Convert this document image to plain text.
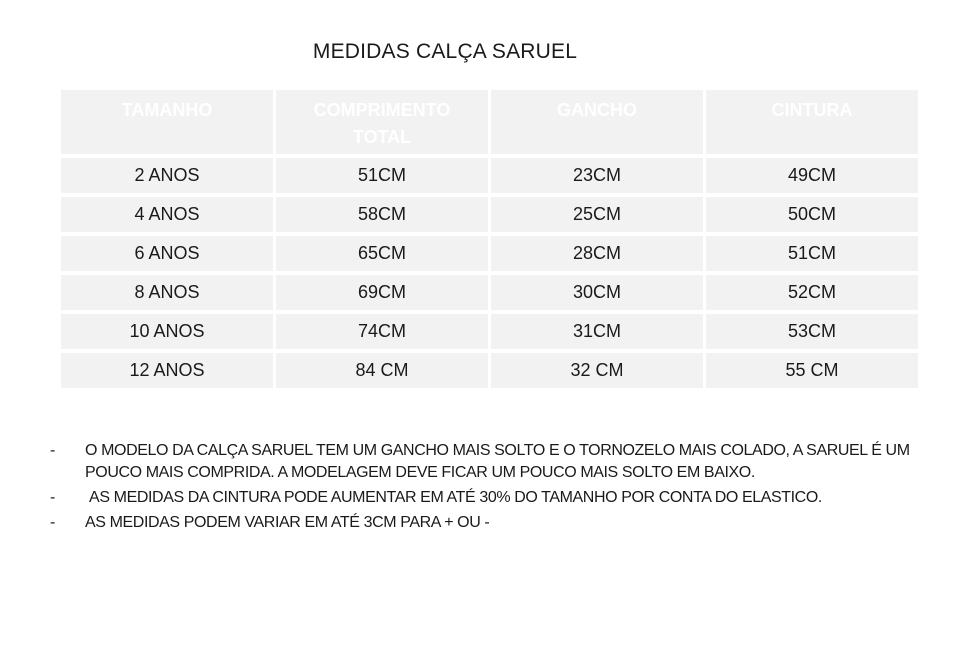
MEDIDAS CALÇA SARUEL
TAMANHO	COMPRIMENTO TOTAL	GANCHO	CINTURA
2 ANOS	51CM	23CM	49CM
4 ANOS	58CM	25CM	50CM
6 ANOS	65CM	28CM	51CM
8 ANOS	69CM	30CM	52CM
10 ANOS	74CM	31CM	53CM
12 ANOS	84 CM	32 CM	55 CM
-	O MODELO DA CALÇA SARUEL TEM UM GANCHO MAIS SOLTO E O TORNOZELO MAIS COLADO, A SARUEL É UM POUCO MAIS COMPRIDA. A MODELAGEM DEVE FICAR UM POUCO MAIS SOLTO EM BAIXO.
-	AS MEDIDAS DA CINTURA PODE AUMENTAR EM ATÉ 30% DO TAMANHO POR CONTA DO ELASTICO.
-	AS MEDIDAS PODEM VARIAR EM ATÉ 3CM PARA + OU -
